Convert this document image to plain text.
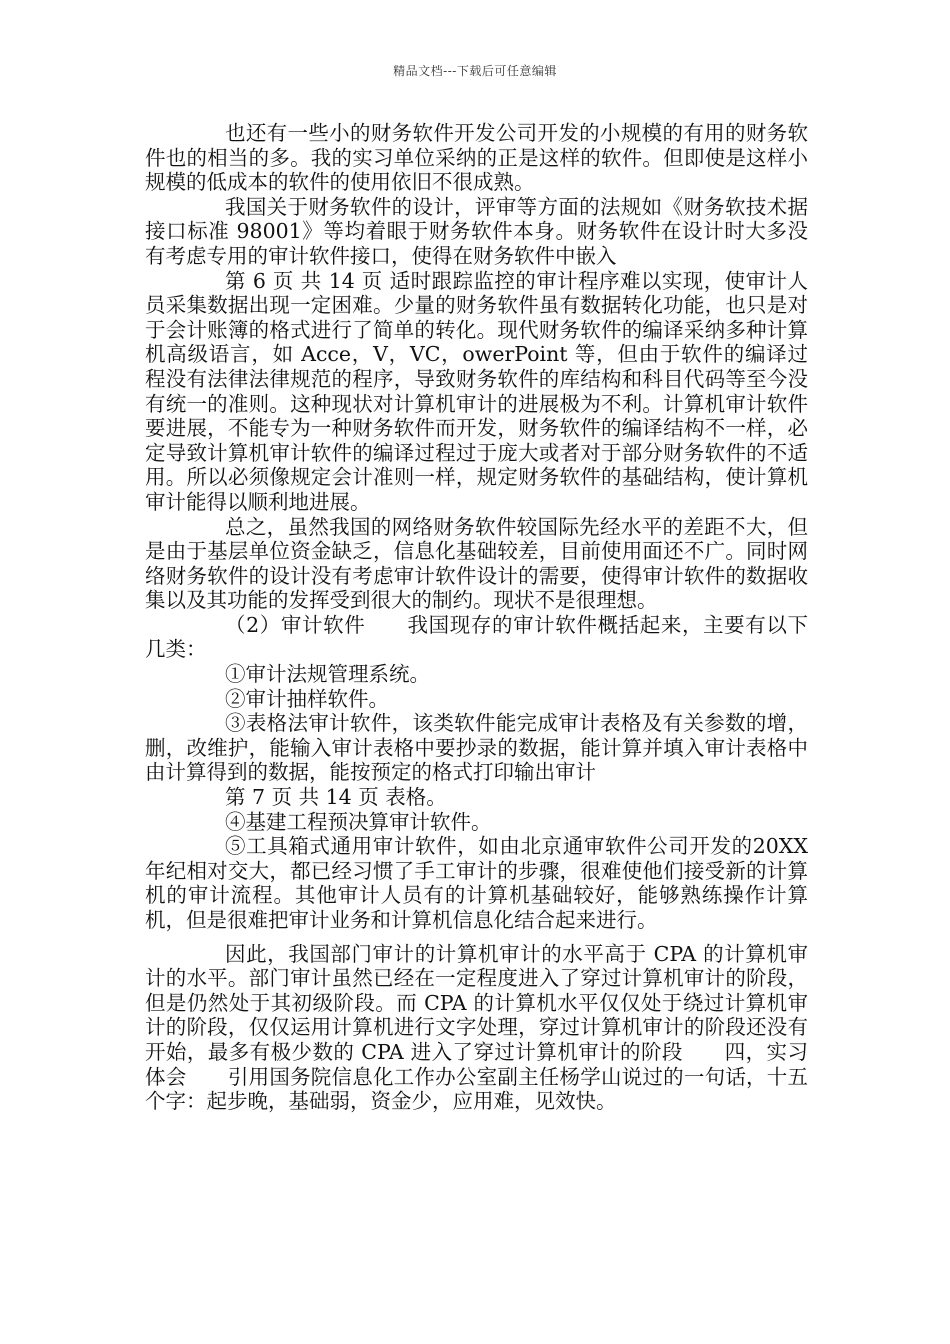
精品文档---下载后可任意编辑

也还有一些小的财务软件开发公司开发的小规模的有用的财务软件也的相当的多。我的实习单位采纳的正是这样的软件。但即使是这样小规模的低成本的软件的使用依旧不很成熟。

我国关于财务软件的设计，评审等方面的法规如《财务软技术据接口标准 98001》等均着眼于财务软件本身。财务软件在设计时大多没有考虑专用的审计软件接口，使得在财务软件中嵌入

第 6 页 共 14 页 适时跟踪监控的审计程序难以实现，使审计人员采集数据出现一定困难。少量的财务软件虽有数据转化功能，也只是对于会计账簿的格式进行了简单的转化。现代财务软件的编译采纳多种计算机高级语言，如 Acce，V，VC，owerPoint 等，但由于软件的编译过程没有法律法律规范的程序，导致财务软件的库结构和科目代码等至今没有统一的准则。这种现状对计算机审计的进展极为不利。计算机审计软件要进展，不能专为一种财务软件而开发，财务软件的编译结构不一样，必定导致计算机审计软件的编译过程过于庞大或者对于部分财务软件的不适用。所以必须像规定会计准则一样，规定财务软件的基础结构，使计算机审计能得以顺利地进展。

总之，虽然我国的网络财务软件较国际先经水平的差距不大，但是由于基层单位资金缺乏，信息化基础较差，目前使用面还不广。同时网络财务软件的设计没有考虑审计软件设计的需要，使得审计软件的数据收集以及其功能的发挥受到很大的制约。现状不是很理想。

（2）审计软件　　我国现存的审计软件概括起来，主要有以下几类：

①审计法规管理系统。

②审计抽样软件。

③表格法审计软件，该类软件能完成审计表格及有关参数的增，删，改维护，能输入审计表格中要抄录的数据，能计算并填入审计表格中由计算得到的数据，能按预定的格式打印输出审计

第 7 页 共 14 页 表格。

④基建工程预决算审计软件。

⑤工具箱式通用审计软件，如由北京通审软件公司开发的20XX 年纪相对交大，都已经习惯了手工审计的步骤，很难使他们接受新的计算机的审计流程。其他审计人员有的计算机基础较好，能够熟练操作计算机，但是很难把审计业务和计算机信息化结合起来进行。

因此，我国部门审计的计算机审计的水平高于 CPA 的计算机审计的水平。部门审计虽然已经在一定程度进入了穿过计算机审计的阶段，但是仍然处于其初级阶段。而 CPA 的计算机水平仅仅处于绕过计算机审计的阶段，仅仅运用计算机进行文字处理，穿过计算机审计的阶段还没有开始，最多有极少数的 CPA 进入了穿过计算机审计的阶段　　四，实习体会　　引用国务院信息化工作办公室副主任杨学山说过的一句话，十五个字：起步晚，基础弱，资金少，应用难，见效快。
